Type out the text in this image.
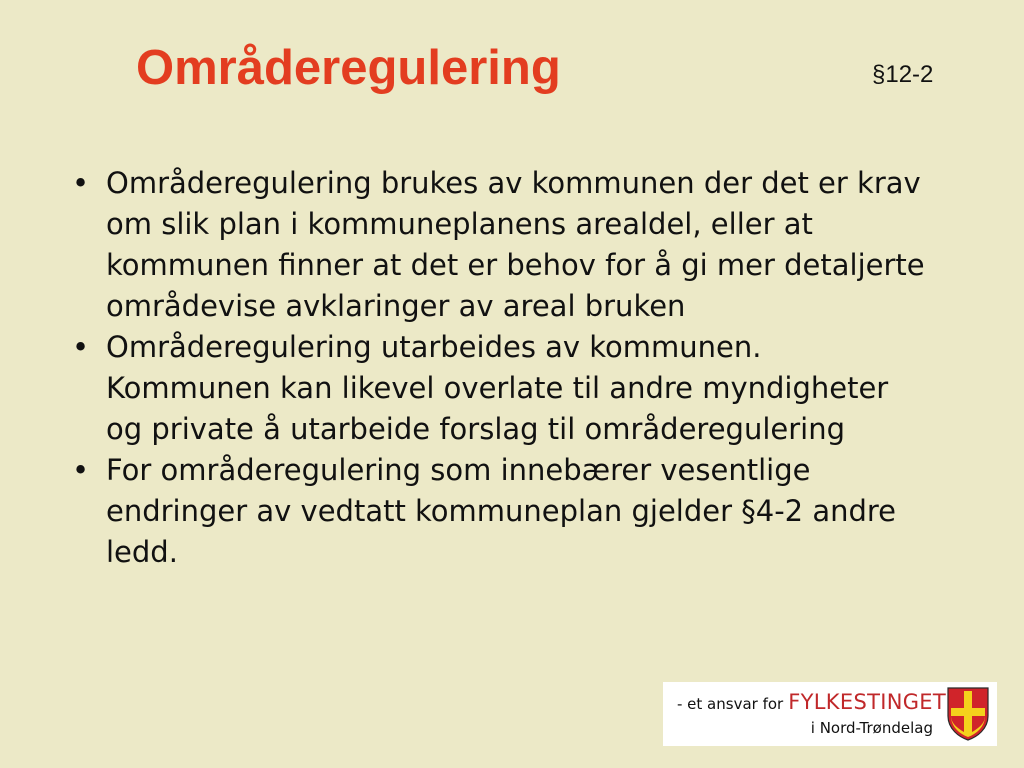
Områderegulering	§12-2
• Områderegulering brukes av kommunen der det er krav om slik plan i kommuneplanens arealdel, eller at kommunen finner at det er behov for å gi mer detaljerte områdevise avklaringer av areal bruken
• Områderegulering utarbeides av kommunen. Kommunen kan likevel overlate til andre myndigheter og private å utarbeide forslag til områderegulering
• For områderegulering som innebærer vesentlige endringer av vedtatt kommuneplan gjelder §4-2 andre ledd.
- et ansvar for FYLKESTINGET
i Nord-Trøndelag
